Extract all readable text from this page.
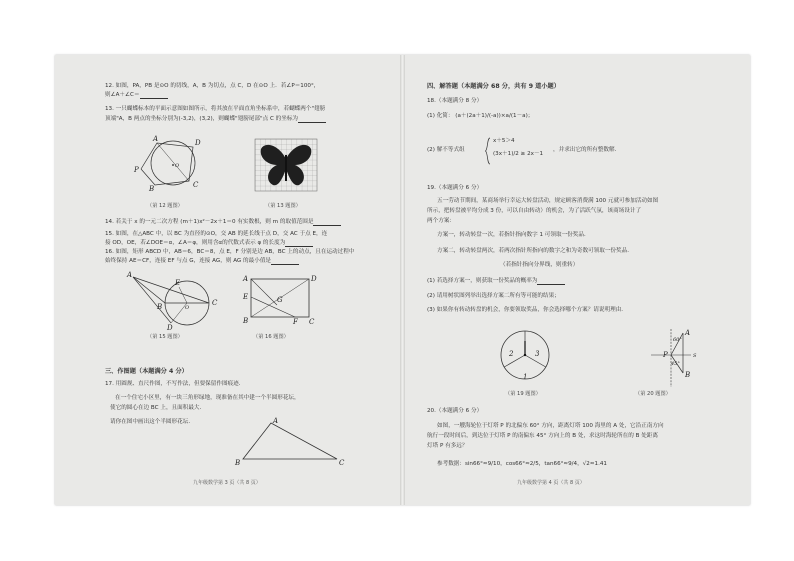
12. 如图，PA，PB 是⊙O 的切线，A，B 为切点，点 C，D 在⊙O 上．若∠P＝100°，
则∠A＋∠C＝
13. 一只蝴蝶标本的平面示意图如图所示，将其放在平面直角坐标系中，若蝴蝶两个"翅膀
顶端"A，B 两点的坐标分别为(-3,2)，(3,2)，则蝴蝶"翅膀尾部"点 C 的坐标为
A	D
P	O
C
B
（第 12 题图）	（第 13 题图）
14. 若关于 x 的一元二次方程 (m＋1)x²－2x＋1＝0 有实数根，则 m 的取值范围是
15. 如图，在△ABC 中，以 BC 为直径的⊙O，交 AB 的延长线于点 D，交 AC 于点 E，连
接 OD，OE，若∠DOE＝α，∠A＝φ，则用含α的代数式表示 φ 的长度为
16. 如图，矩形 ABCD 中，AB＝6，BC＝8，点 E，F 分别是边 AB，BC 上的动点，且在运动过程中
始终保持 AE＝CF，连接 EF 与点 G，连接 AG，则 AG 的最小值是
A
E
B	O
C
D
（第 15 题图）
A	D
E	G
B	F C
（第 16 题图）
三、作图题（本题满分 4 分）
17. 用圆规、直尺作图，不写作法，但要保留作图痕迹．
在一个住宅小区里，有一块三角形绿地，现准备在其中建一个半圆形花坛，
使它的圆心在边 BC 上，且面积最大．
请你在图中画出这个半圆形花坛．	A
B	C
九年级数学第 3 页（共 8 页）
四、解答题（本题满分 68 分，共有 9 道小题）
18.（本题满分 8 分）
(1) 化简： (a＋(2a＋1)/(-a))×a/(1－a)；
(2) 解不等式组
x＋5＞4
(3x＋1)/2 ≥ 2x－1
，并求出它的所有整数解．
19.（本题满分 6 分）
五一劳动节期间，某商场举行幸运大转盘活动，规定顾客消费满 100 元就可参加活动如图
所示，把转盘被平均分成 3 份，可以自由转动）的机会，为了活跃气氛，该商场设计了
两个方案：
方案一，转动转盘一次，若指针指向数字 1 可领取一份奖品．
方案二，转动转盘两次，若两次指针所指向的数字之和为奇数可领取一份奖品．
（若指针指向分界线，则重转）
(1) 若选择方案一，则获取一份奖品的概率为
(2) 请用树状图列举出选择方案二所有等可能的结果；
(3) 如果你有转动转盘的机会，你要领取奖品，你会选择哪个方案？请说明理由．
1
2	3
（第 19 题图）
60°
45°
A
P
B
S
（第 20 题图）
20.（本题满分 6 分）
如图，一艘海轮位于灯塔 P 的北偏东 60° 方向，距离灯塔 100 海里的 A 处，它沿正南方向
航行一段时间后，到达位于灯塔 P 的南偏东 45° 方向上的 B 处，求这时海轮所在的 B 处距离
灯塔 P 有多远？
参考数据：sin66°≈9/10，cos66°≈2/5，tan66°≈9/4，√2≈1.41
九年级数学第 4 页（共 8 页）
